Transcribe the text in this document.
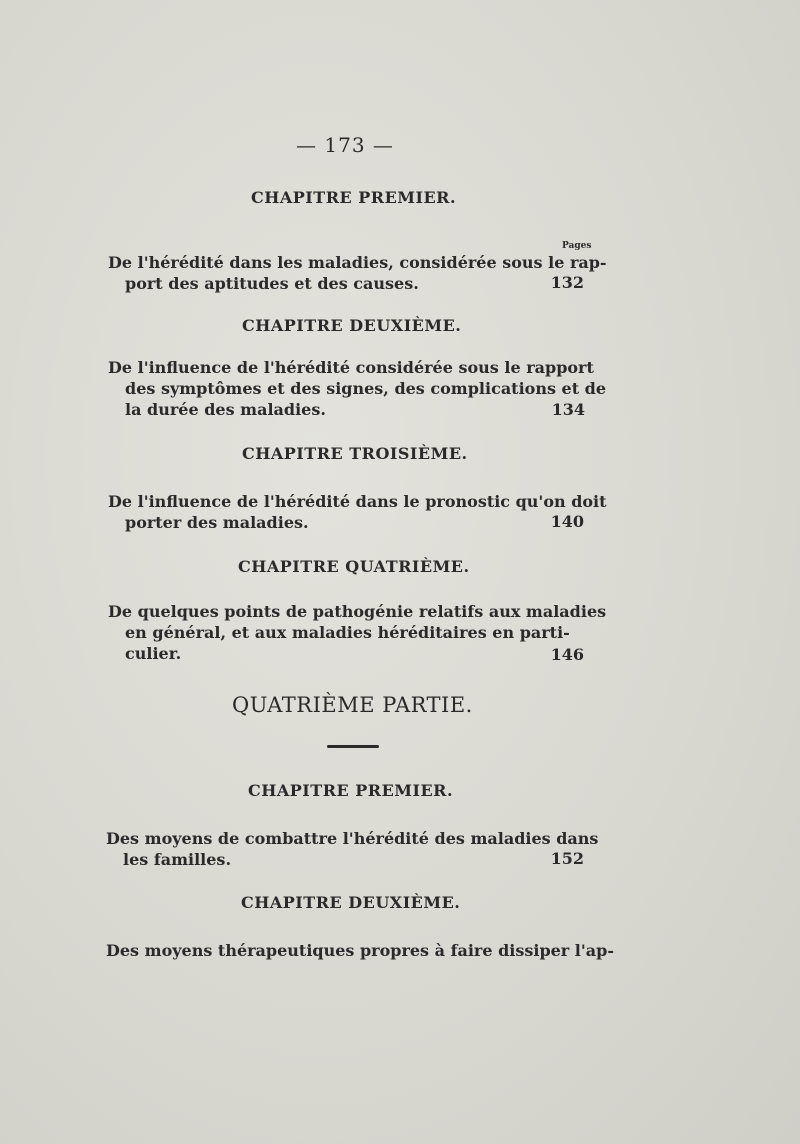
— 173 —
CHAPITRE PREMIER.
Pages
De l'hérédité dans les maladies, considérée sous le rap-
port des aptitudes et des causes.	132
CHAPITRE DEUXIÈME.
De l'influence de l'hérédité considérée sous le rapport
des symptômes et des signes, des complications et de
la durée des maladies.	134
CHAPITRE TROISIÈME.
De l'influence de l'hérédité dans le pronostic qu'on doit
porter des maladies.	140
CHAPITRE QUATRIÈME.
De quelques points de pathogénie relatifs aux maladies
en général, et aux maladies héréditaires en parti-
culier.	146
QUATRIÈME PARTIE.
CHAPITRE PREMIER.
Des moyens de combattre l'hérédité des maladies dans
les familles.	152
CHAPITRE DEUXIÈME.
Des moyens thérapeutiques propres à faire dissiper l'ap-
